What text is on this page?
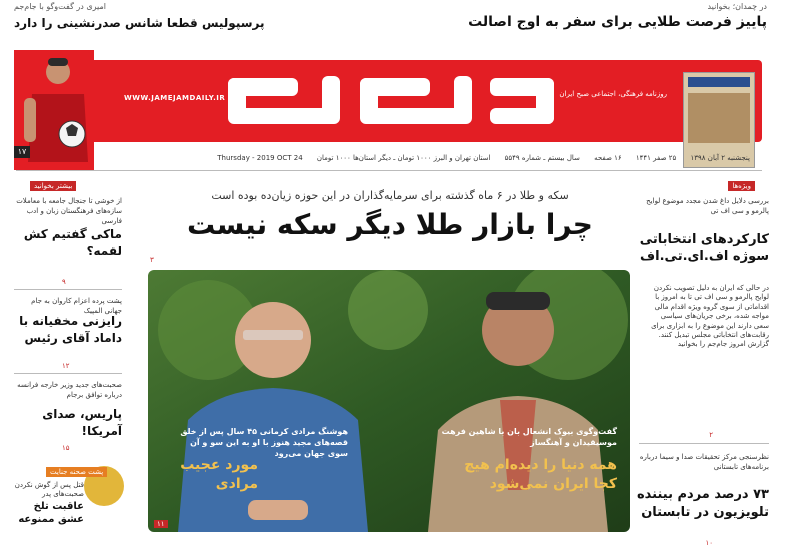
در چمدان؛ بخوانید
پاییز فرصت طلایی برای سفر به اوج اصالت
امیری در گفت‌وگو با جام‌جم
پرسپولیس قطعا شانس صدرنشینی را دارد
روزنامه فرهنگی، اجتماعی صبح ایران
WWW.JAMEJAMDAILY.IR
۱۷
پنجشنبه ۲ آبان ۱۳۹۸ ۲۵ صفر ۱۴۴۱ ۱۶ صفحه سال بیستم ـ شماره ۵۵۴۹ استان تهران و البرز ۱۰۰۰ تومان ـ دیگر استان‌ها ۱۰۰۰ تومان Thursday - 2019 OCT 24
ویژه‌ها
بررسی دلایل داغ شدن مجدد موضوع لوایح پالرمو و سی اف تی
کارکردهای انتخاباتی سوژه اف.ای.تی.اف
در حالی که ایران به دلیل تصویب نکردن لوایح پالرمو و سی اف تی تا به امروز با اقداماتی از سوی گروه ویژه اقدام مالی مواجه شده، برخی جریان‌های سیاسی سعی دارند این موضوع را به ابزاری برای رقابت‌های انتخاباتی مجلس تبدیل کنند. گزارش امروز جام‌جم را بخوانید
۲
نظرسنجی مرکز تحقیقات صدا و سیما درباره برنامه‌های تابستانی
۷۳ درصد مردم بیننده تلویزیون در تابستان
۱۰
بیشتر بخوانید
از خوشی تا جنجال جامعه با معاملات سازه‌های فرهنگستان زبان و ادب فارسی
ماکی گفتیم کش لقمه؟
۹
پشت پرده اعزام کاروان به جام جهانی المپیک
رایزنی مخفیانه با داماد آقای رئیس
۱۲
صحبت‌های جدید وزیر خارجه فرانسه درباره توافق برجام
پاریس، صدای آمریکا!
۱۵
پشت صحنه جنایت
قتل پس از گوش نکردن صحبت‌های پدر
عاقبت تلخ عشق ممنوعه
سکه و طلا در ۶ ماه گذشته برای سرمایه‌گذاران در این حوزه زیان‌ده بوده است
چرا بازار طلا دیگر سکه نیست
۳
گفت‌وگوی بیوک انشعال بان با شاهین فرهت موسیقیدان و آهنگساز
همه دنیا را دیده‌ام هیچ کجا ایران نمی‌شود
هوشنگ مرادی کرمانی ۴۵ سال پس از خلق قصه‌های مجید هنوز با او به این سو و آن سوی جهان می‌رود
مورد عجیب مرادی
۱۱
